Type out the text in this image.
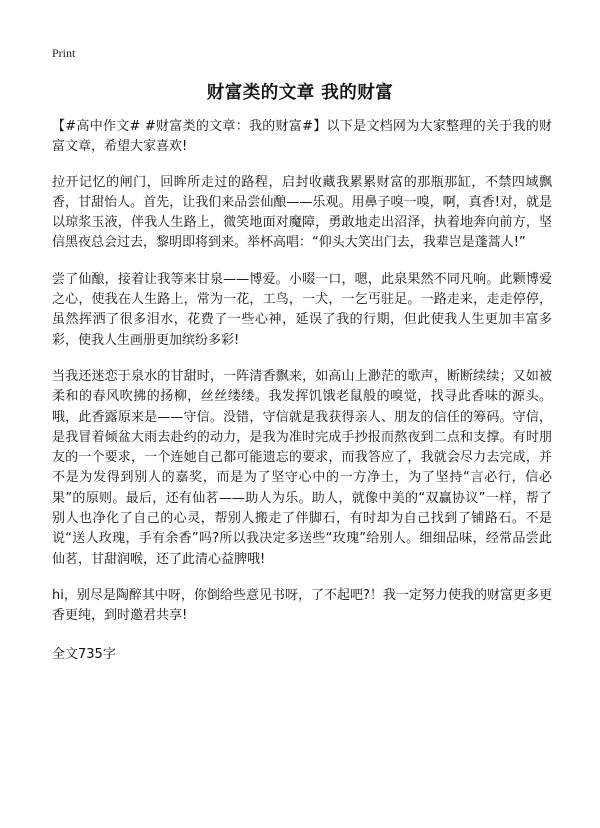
Print
财富类的文章 我的财富

【#高中作文# #财富类的文章：我的财富#】以下是文档网为大家整理的关于我的财富文章，希望大家喜欢!

拉开记忆的闸门，回眸所走过的路程，启封收藏我累累财富的那瓶那缸，不禁四域飘香，甘甜怡人。首先，让我们来品尝仙酿——乐观。用鼻子嗅一嗅，啊，真香!对，就是以琼浆玉液，伴我人生路上，微笑地面对魔障，勇敢地走出沼泽，执着地奔向前方，坚信黑夜总会过去，黎明即将到来。举杯高唱：“仰头大笑出门去，我辈岂是蓬蒿人!”

尝了仙酿，接着让我等来甘泉——博爱。小啜一口，嗯，此泉果然不同凡响。此颗博爱之心，使我在人生路上，常为一花，工鸟，一犬，一乞丐驻足。一路走来，走走停停，虽然挥洒了很多泪水，花费了一些心神，延误了我的行期，但此使我人生更加丰富多彩，使我人生画册更加缤纷多彩!

当我还迷恋于泉水的甘甜时，一阵清香飘来，如高山上渺茫的歌声，断断续续；又如被柔和的春风吹拂的扬柳，丝丝缕缕。我发挥饥饿老鼠般的嗅觉，找寻此香味的源头。哦，此香露原来是——守信。没错，守信就是我获得亲人、朋友的信任的筹码。守信，是我冒着倾盆大雨去赴约的动力，是我为准时完成手抄报而熬夜到二点和支撑。有时朋友的一个要求，一个连她自己都可能遗忘的要求，而我答应了，我就会尽力去完成，并不是为发得到别人的嘉奖，而是为了坚守心中的一方净土，为了坚持“言必行，信必果”的原则。最后，还有仙茗——助人为乐。助人，就像中美的“双赢协议”一样，帮了别人也净化了自己的心灵，帮别人搬走了伴脚石，有时却为自己找到了铺路石。不是说“送人玫瑰，手有余香”吗?所以我决定多送些“玫瑰”给别人。细细品味，经常品尝此仙茗，甘甜润喉，还了此清心益脾哦!

hi，别尽是陶醉其中呀，你倒给些意见书呀，了不起吧?！我一定努力使我的财富更多更香更纯，到时邀君共享!

全文735字
